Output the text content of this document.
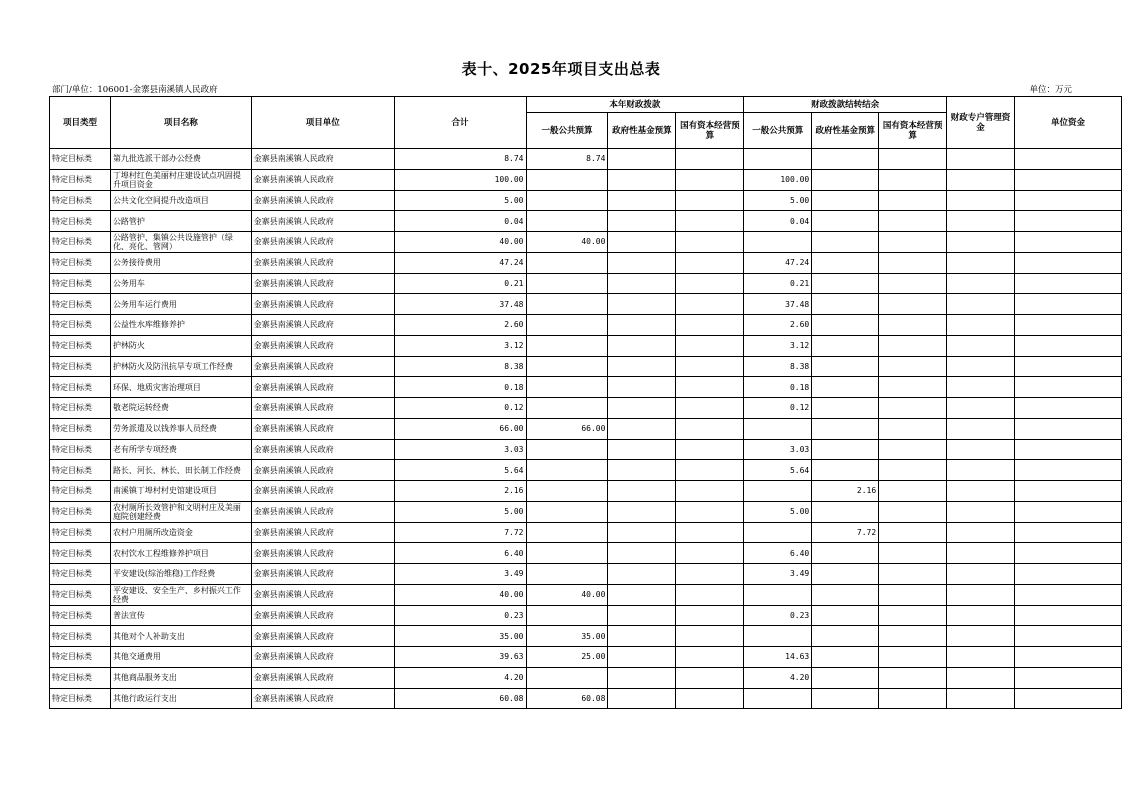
表十、2025年项目支出总表
部门/单位：106001-金寨县南溪镇人民政府	单位：万元
项目类型	项目名称	项目单位	合计	本年财政拨款			财政拨款结转结余			财政专户管理资金	单位资金
				一般公共预算	政府性基金预算	国有资本经营预算	一般公共预算	政府性基金预算	国有资本经营预算		
特定目标类	第九批选派干部办公经费	金寨县南溪镇人民政府	8.74	8.74							
特定目标类	丁埠村红色美丽村庄建设试点巩固提升项目资金	金寨县南溪镇人民政府	100.00				100.00				
特定目标类	公共文化空间提升改造项目	金寨县南溪镇人民政府	5.00				5.00				
特定目标类	公路管护	金寨县南溪镇人民政府	0.04				0.04				
特定目标类	公路管护、集镇公共设施管护（绿化、亮化、管网）	金寨县南溪镇人民政府	40.00	40.00							
特定目标类	公务接待费用	金寨县南溪镇人民政府	47.24				47.24				
特定目标类	公务用车	金寨县南溪镇人民政府	0.21				0.21				
特定目标类	公务用车运行费用	金寨县南溪镇人民政府	37.48				37.48				
特定目标类	公益性水库维修养护	金寨县南溪镇人民政府	2.60				2.60				
特定目标类	护林防火	金寨县南溪镇人民政府	3.12				3.12				
特定目标类	护林防火及防汛抗旱专项工作经费	金寨县南溪镇人民政府	8.38				8.38				
特定目标类	环保、地质灾害治理项目	金寨县南溪镇人民政府	0.18				0.18				
特定目标类	敬老院运转经费	金寨县南溪镇人民政府	0.12				0.12				
特定目标类	劳务派遣及以钱养事人员经费	金寨县南溪镇人民政府	66.00	66.00							
特定目标类	老有所学专项经费	金寨县南溪镇人民政府	3.03				3.03				
特定目标类	路长、河长、林长、田长制工作经费	金寨县南溪镇人民政府	5.64				5.64				
特定目标类	南溪镇丁埠村村史馆建设项目	金寨县南溪镇人民政府	2.16					2.16			
特定目标类	农村厕所长效管护和文明村庄及美丽庭院创建经费	金寨县南溪镇人民政府	5.00				5.00				
特定目标类	农村户用厕所改造资金	金寨县南溪镇人民政府	7.72					7.72			
特定目标类	农村饮水工程维修养护项目	金寨县南溪镇人民政府	6.40				6.40				
特定目标类	平安建设(综治维稳)工作经费	金寨县南溪镇人民政府	3.49				3.49				
特定目标类	平安建设、安全生产、乡村振兴工作经费	金寨县南溪镇人民政府	40.00	40.00							
特定目标类	普法宣传	金寨县南溪镇人民政府	0.23				0.23				
特定目标类	其他对个人补助支出	金寨县南溪镇人民政府	35.00	35.00							
特定目标类	其他交通费用	金寨县南溪镇人民政府	39.63	25.00			14.63				
特定目标类	其他商品服务支出	金寨县南溪镇人民政府	4.20				4.20				
特定目标类	其他行政运行支出	金寨县南溪镇人民政府	60.08	60.08							
